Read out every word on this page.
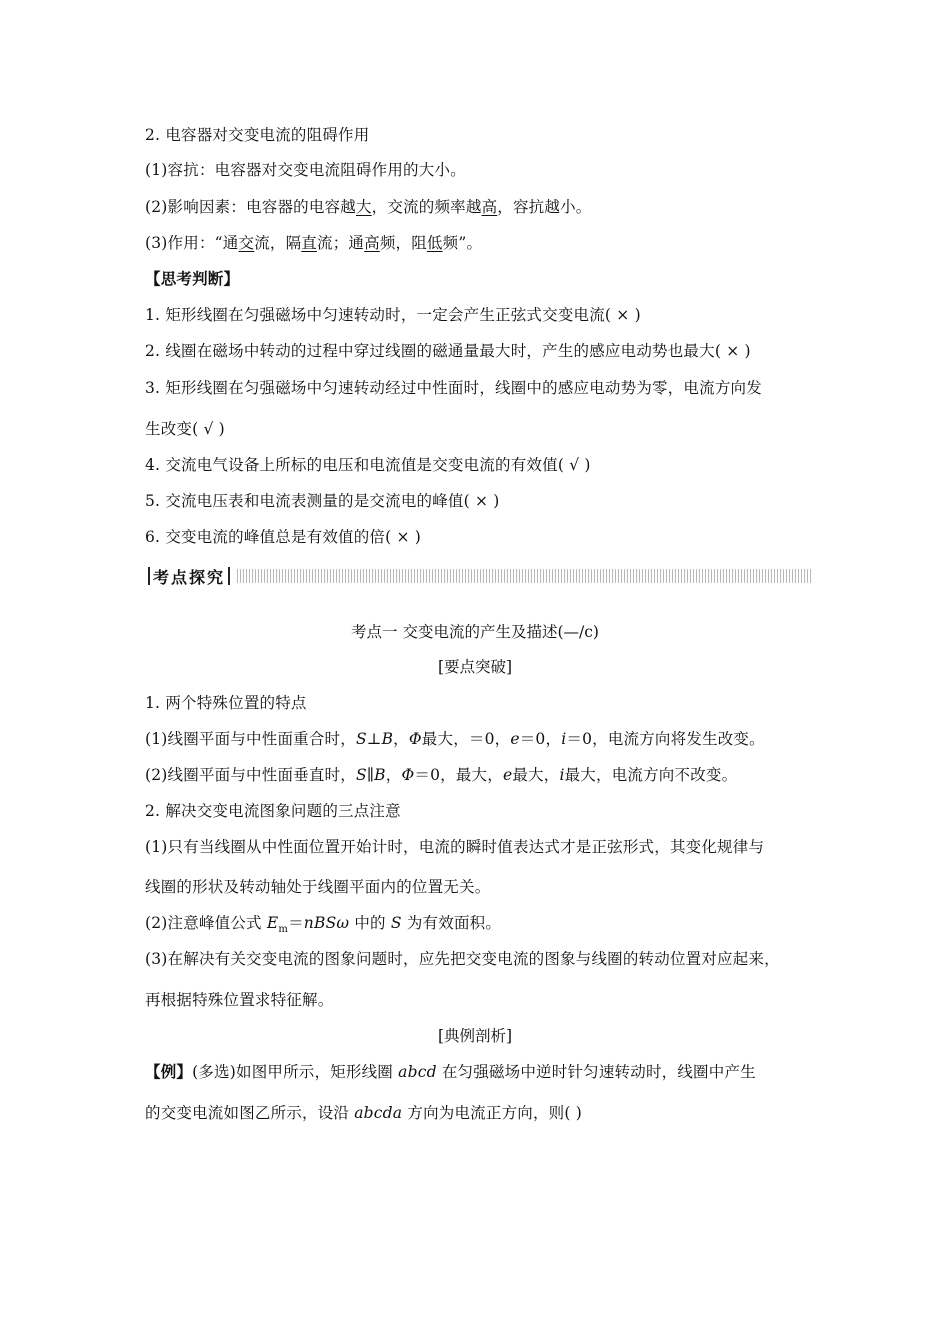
2. 电容器对交变电流的阻碍作用
(1)容抗：电容器对交变电流阻碍作用的大小。
(2)影响因素：电容器的电容越大，交流的频率越高，容抗越小。
(3)作用：“通交流，隔直流；通高频，阻低频”。
【思考判断】
1. 矩形线圈在匀强磁场中匀速转动时，一定会产生正弦式交变电流( × )
2. 线圈在磁场中转动的过程中穿过线圈的磁通量最大时，产生的感应电动势也最大( × )
3. 矩形线圈在匀强磁场中匀速转动经过中性面时，线圈中的感应电动势为零，电流方向发
生改变( √ )
4. 交流电气设备上所标的电压和电流值是交变电流的有效值( √ )
5. 交流电压表和电流表测量的是交流电的峰值( × )
6. 交变电流的峰值总是有效值的倍( × )
考点探究
考点一 交变电流的产生及描述(—/c)
[要点突破]
1. 两个特殊位置的特点
(1)线圈平面与中性面重合时，S⊥B，Φ最大，＝0，e＝0，i＝0，电流方向将发生改变。
(2)线圈平面与中性面垂直时，S∥B，Φ＝0，最大，e最大，i最大，电流方向不改变。
2. 解决交变电流图象问题的三点注意
(1)只有当线圈从中性面位置开始计时，电流的瞬时值表达式才是正弦形式，其变化规律与
线圈的形状及转动轴处于线圈平面内的位置无关。
(2)注意峰值公式 $E_m=nBS\omega$ 中的 S 为有效面积。
(3)在解决有关交变电流的图象问题时，应先把交变电流的图象与线圈的转动位置对应起来，
再根据特殊位置求特征解。
[典例剖析]
【例】(多选)如图甲所示，矩形线圈 abcd 在匀强磁场中逆时针匀速转动时，线圈中产生
的交变电流如图乙所示，设沿 abcda 方向为电流正方向，则( )
